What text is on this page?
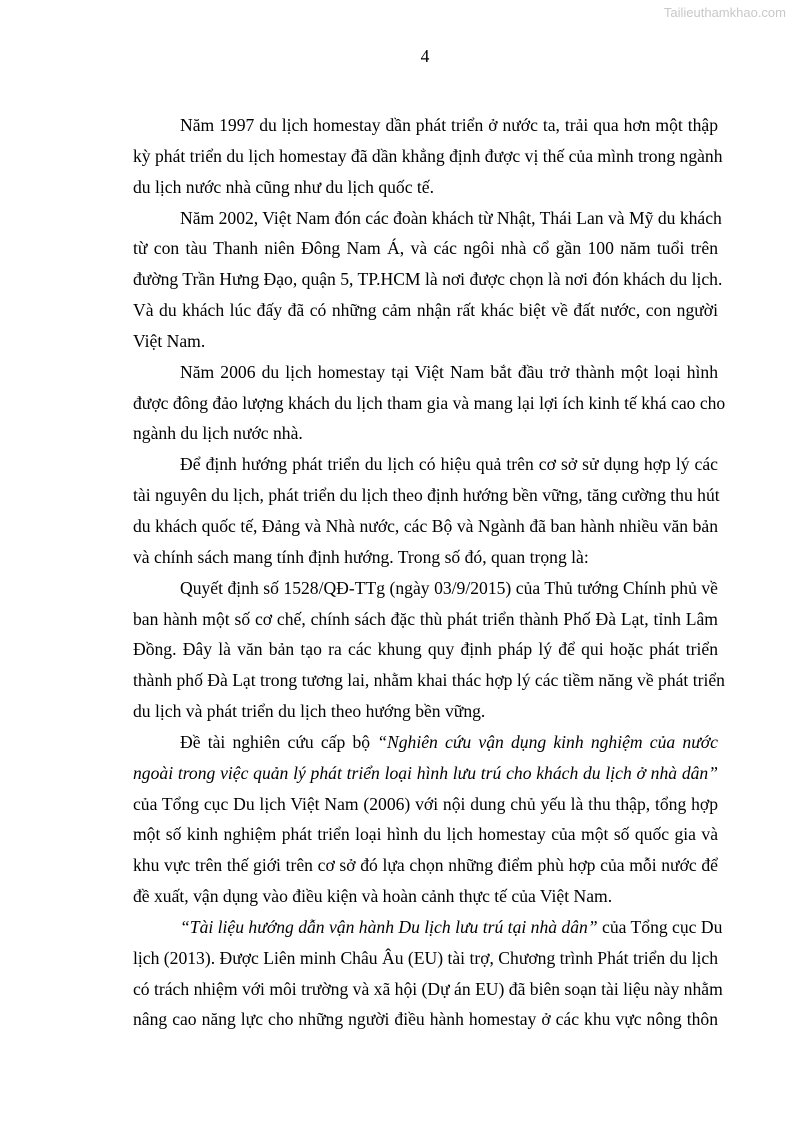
Tailieuthamkhao.com
4
Năm 1997 du lịch homestay dần phát triển ở nước ta, trải qua hơn một thập
kỳ phát triển du lịch homestay đã dần khẳng định được vị thế của mình trong ngành
du lịch nước nhà cũng như du lịch quốc tế.
Năm 2002, Việt Nam đón các đoàn khách từ Nhật, Thái Lan và Mỹ du khách
từ con tàu Thanh niên Đông Nam Á, và các ngôi nhà cổ gần 100 năm tuổi trên
đường Trần Hưng Đạo, quận 5, TP.HCM là nơi được chọn là nơi đón khách du lịch.
Và du khách lúc đấy đã có những cảm nhận rất khác biệt về đất nước, con người
Việt Nam.
Năm 2006 du lịch homestay tại Việt Nam bắt đầu trở thành một loại hình
được đông đảo lượng khách du lịch tham gia và mang lại lợi ích kinh tế khá cao cho
ngành du lịch nước nhà.
Để định hướng phát triển du lịch có hiệu quả trên cơ sở sử dụng hợp lý các
tài nguyên du lịch, phát triển du lịch theo định hướng bền vững, tăng cường thu hút
du khách quốc tế, Đảng và Nhà nước, các Bộ và Ngành đã ban hành nhiều văn bản
và chính sách mang tính định hướng. Trong số đó, quan trọng là:
Quyết định số 1528/QĐ-TTg (ngày 03/9/2015) của Thủ tướng Chính phủ về
ban hành một số cơ chế, chính sách đặc thù phát triển thành Phố Đà Lạt, tỉnh Lâm
Đồng. Đây là văn bản tạo ra các khung quy định pháp lý để qui hoặc phát triển
thành phố Đà Lạt trong tương lai, nhằm khai thác hợp lý các tiềm năng về phát triển
du lịch và phát triển du lịch theo hướng bền vững.
Đề tài nghiên cứu cấp bộ “Nghiên cứu vận dụng kinh nghiệm của nước
ngoài trong việc quản lý phát triển loại hình lưu trú cho khách du lịch ở nhà dân”
của Tổng cục Du lịch Việt Nam (2006) với nội dung chủ yếu là thu thập, tổng hợp
một số kinh nghiệm phát triển loại hình du lịch homestay của một số quốc gia và
khu vực trên thế giới trên cơ sở đó lựa chọn những điểm phù hợp của mỗi nước để
đề xuất, vận dụng vào điều kiện và hoàn cảnh thực tế của Việt Nam.
“Tài liệu hướng dẫn vận hành Du lịch lưu trú tại nhà dân” của Tổng cục Du
lịch (2013). Được Liên minh Châu Âu (EU) tài trợ, Chương trình Phát triển du lịch
có trách nhiệm với môi trường và xã hội (Dự án EU) đã biên soạn tài liệu này nhằm
nâng cao năng lực cho những người điều hành homestay ở các khu vực nông thôn
